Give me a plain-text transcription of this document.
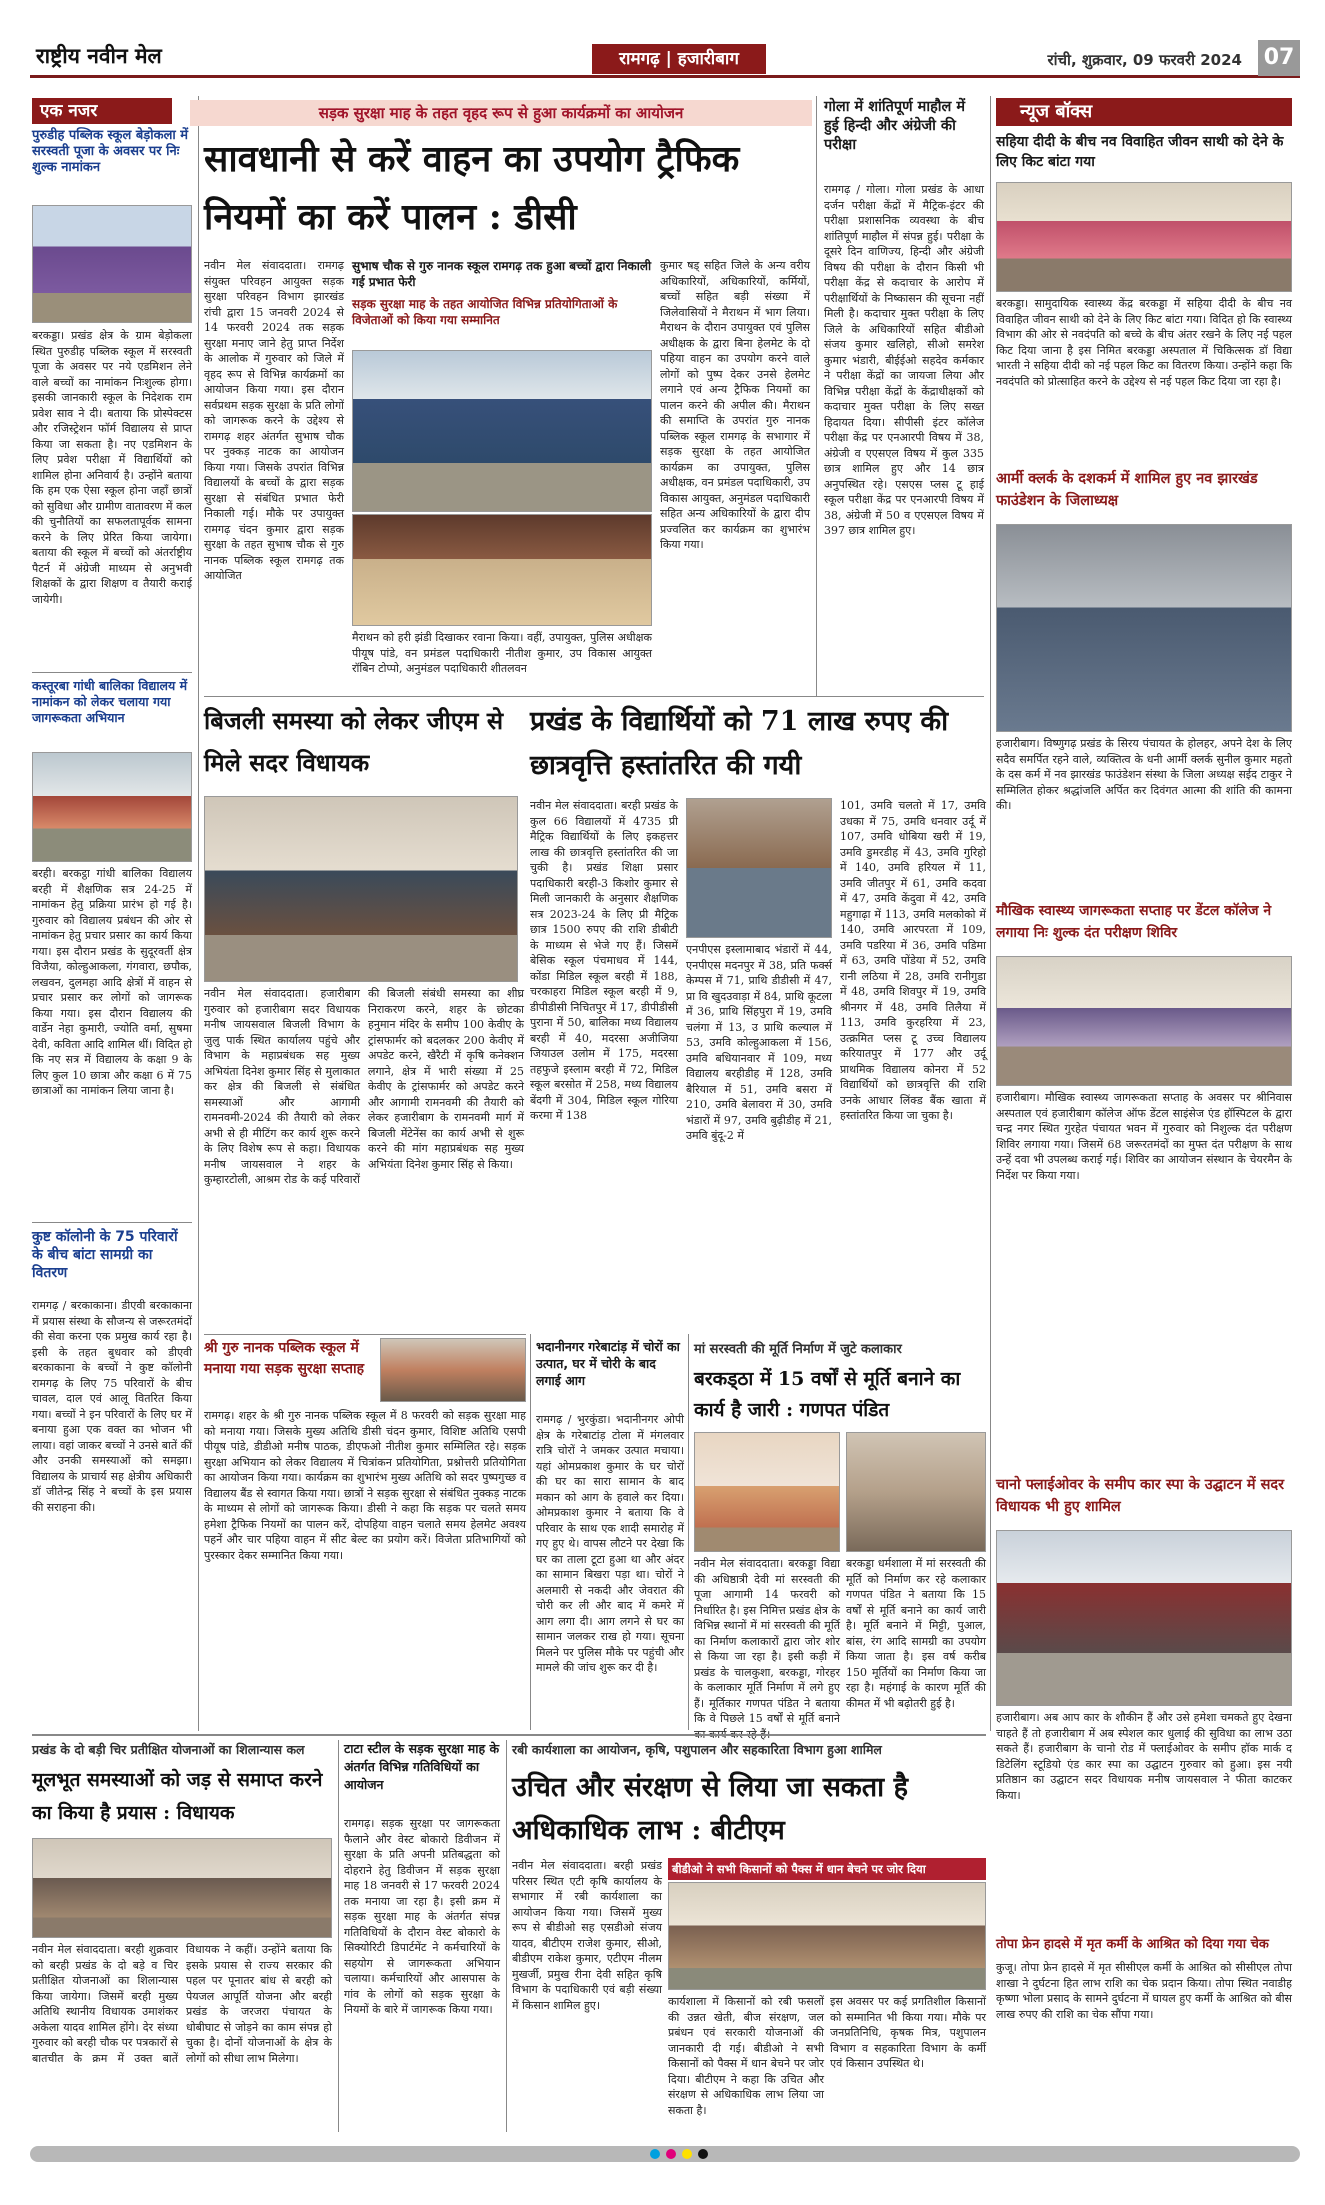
राष्ट्रीय नवीन मेल	रामगढ़ | हजारीबाग	रांची, शुक्रवार, 09 फरवरी 2024 07
एक नजर
पुरुडीह पब्लिक स्कूल बेड़ोकला में सरस्वती पूजा के अवसर पर निः शुल्क नामांकन
बरकड्डा। प्रखंड क्षेत्र के ग्राम बेड़ोकला स्थित पुरुडीह पब्लिक स्कूल में सरस्वती पूजा के अवसर पर नये एडमिशन लेने वाले बच्चों का नामांकन निःशुल्क होगा। इसकी जानकारी स्कूल के निदेशक राम प्रवेश साव ने दी। बताया कि प्रोस्पेक्टस और रजिस्ट्रेशन फॉर्म विद्यालय से प्राप्त किया जा सकता है। नए एडमिशन के लिए प्रवेश परीक्षा में विद्यार्थियों को शामिल होना अनिवार्य है। उन्होंने बताया कि हम एक ऐसा स्कूल होना जहाँ छात्रों को सुविधा और ग्रामीण वातावरण में कल की चुनौतियों का सफलतापूर्वक सामना करने के लिए प्रेरित किया जायेगा। बताया की स्कूल में बच्चों को अंतर्राष्ट्रीय पैटर्न में अंग्रेजी माध्यम से अनुभवी शिक्षकों के द्वारा शिक्षण व तैयारी कराई जायेगी।
कस्तूरबा गांधी बालिका विद्यालय में नामांकन को लेकर चलाया गया जागरूकता अभियान
बरही। बरकट्ठा गांधी बालिका विद्यालय बरही में शैक्षणिक सत्र 24-25 में नामांकन हेतु प्रक्रिया प्रारंभ हो गई है। गुरुवार को विद्यालय प्रबंधन की ओर से नामांकन हेतु प्रचार प्रसार का कार्य किया गया। इस दौरान प्रखंड के सुदूरवर्ती क्षेत्र विजैया, कोल्हुआकला, गंगवारा, छपौक, लखवन, दुलमहा आदि क्षेत्रों में वाहन से प्रचार प्रसार कर लोगों को जागरूक किया गया। इस दौरान विद्यालय की वार्डेन नेहा कुमारी, ज्योति वर्मा, सुषमा देवी, कविता आदि शामिल थीं। विदित हो कि नए सत्र में विद्यालय के कक्षा 9 के लिए कुल 10 छात्रा और कक्षा 6 में 75 छात्राओं का नामांकन लिया जाना है।
कुष्ट कॉलोनी के 75 परिवारों के बीच बांटा सामग्री का वितरण
रामगढ़ / बरकाकाना। डीएवी बरकाकाना में प्रयास संस्था के सौजन्य से जरूरतमंदों की सेवा करना एक प्रमुख कार्य रहा है। इसी के तहत बुधवार को डीएवी बरकाकाना के बच्चों ने कुष्ट कॉलोनी रामगढ़ के लिए 75 परिवारों के बीच चावल, दाल एवं आलू वितरित किया गया। बच्चों ने इन परिवारों के लिए घर में बनाया हुआ एक वक्त का भोजन भी लाया। वहां जाकर बच्चों ने उनसे बातें कीं और उनकी समस्याओं को समझा। विद्यालय के प्राचार्य सह क्षेत्रीय अधिकारी डॉ जीतेन्द्र सिंह ने बच्चों के इस प्रयास की सराहना की।
सड़क सुरक्षा माह के तहत वृहद रूप से हुआ कार्यक्रमों का आयोजन
सावधानी से करें वाहन का उपयोग ट्रैफिक नियमों का करें पालन : डीसी
नवीन मेल संवाददाता। रामगढ़ संयुक्त परिवहन आयुक्त सड़क सुरक्षा परिवहन विभाग झारखंड रांची द्वारा 15 जनवरी 2024 से 14 फरवरी 2024 तक सड़क सुरक्षा मनाए जाने हेतु प्राप्त निर्देश के आलोक में गुरुवार को जिले में वृहद रूप से विभिन्न कार्यक्रमों का आयोजन किया गया। इस दौरान सर्वप्रथम सड़क सुरक्षा के प्रति लोगों को जागरूक करने के उद्देश्य से रामगढ़ शहर अंतर्गत सुभाष चौक पर नुक्कड़ नाटक का आयोजन किया गया। जिसके उपरांत विभिन्न विद्यालयों के बच्चों के द्वारा सड़क सुरक्षा से संबंधित प्रभात फेरी निकाली गई। मौके पर उपायुक्त रामगढ़ चंदन कुमार द्वारा सड़क सुरक्षा के तहत सुभाष चौक से गुरु नानक पब्लिक स्कूल रामगढ़ तक आयोजित
सुभाष चौक से गुरु नानक स्कूल रामगढ़ तक हुआ बच्चों द्वारा निकाली गई प्रभात फेरी
सड़क सुरक्षा माह के तहत आयोजित विभिन्न प्रतियोगिताओं के विजेताओं को किया गया सम्मानित
मैराथन को हरी झंडी दिखाकर रवाना किया। वहीं, उपायुक्त, पुलिस अधीक्षक पीयूष पांडे, वन प्रमंडल पदाधिकारी नीतीश कुमार, उप विकास आयुक्त रॉबिन टोप्पो, अनुमंडल पदाधिकारी शीतलवन
कुमार षड्‌ सहित जिले के अन्य वरीय अधिकारियों, अधिकारियों, कर्मियों, बच्चों सहित बड़ी संख्या में जिलेवासियों ने मैराथन में भाग लिया। मैराथन के दौरान उपायुक्त एवं पुलिस अधीक्षक के द्वारा बिना हेलमेट के दो पहिया वाहन का उपयोग करने वाले लोगों को पुष्प देकर उनसे हेलमेट लगाने एवं अन्य ट्रैफिक नियमों का पालन करने की अपील की। मैराथन की समाप्ति के उपरांत गुरु नानक पब्लिक स्कूल रामगढ़ के सभागार में सड़क सुरक्षा के तहत आयोजित कार्यक्रम का उपायुक्त, पुलिस अधीक्षक, वन प्रमंडल पदाधिकारी, उप विकास आयुक्त, अनुमंडल पदाधिकारी सहित अन्य अधिकारियों के द्वारा दीप प्रज्वलित कर कार्यक्रम का शुभारंभ किया गया।
गोला में शांतिपूर्ण माहौल में हुई हिन्दी और अंग्रेजी की परीक्षा
रामगढ़ / गोला। गोला प्रखंड के आधा दर्जन परीक्षा केंद्रों में मैट्रिक-इंटर की परीक्षा प्रशासनिक व्यवस्था के बीच शांतिपूर्ण माहौल में संपन्न हुई। परीक्षा के दूसरे दिन वाणिज्य, हिन्दी और अंग्रेजी विषय की परीक्षा के दौरान किसी भी परीक्षा केंद्र से कदाचार के आरोप में परीक्षार्थियों के निष्कासन की सूचना नहीं मिली है। कदाचार मुक्त परीक्षा के लिए जिले के अधिकारियों सहित बीडीओ संजय कुमार खलिहो, सीओ समरेश कुमार भंडारी, बीईईओ सहदेव कर्मकार ने परीक्षा केंद्रों का जायजा लिया और विभिन्न परीक्षा केंद्रों के केंद्राधीक्षकों को कदाचार मुक्त परीक्षा के लिए सख्त हिदायत दिया। सीपीसी इंटर कॉलेज परीक्षा केंद्र पर एनआरपी विषय में 38, अंग्रेजी व एएसएल विषय में कुल 335 छात्र शामिल हुए और 14 छात्र अनुपस्थित रहे। एसएस प्लस टू हाई स्कूल परीक्षा केंद्र पर एनआरपी विषय में 38, अंग्रेजी में 50 व एएसएल विषय में 397 छात्र शामिल हुए।
न्यूज बॉक्स
सहिया दीदी के बीच नव विवाहित जीवन साथी को देने के लिए किट बांटा गया
बरकड्डा। सामुदायिक स्वास्थ्य केंद्र बरकड्डा में सहिया दीदी के बीच नव विवाहित जीवन साथी को देने के लिए किट बांटा गया। विदित हो कि स्वास्थ्य विभाग की ओर से नवदंपति को बच्चे के बीच अंतर रखने के लिए नई पहल किट दिया जाना है इस निमित बरकड्डा अस्पताल में चिकित्सक डॉ विद्या भारती ने सहिया दीदी को नई पहल किट का वितरण किया। उन्होंने कहा कि नवदंपति को प्रोत्साहित करने के उद्देश्य से नई पहल किट दिया जा रहा है।
आर्मी क्लर्क के दशकर्म में शामिल हुए नव झारखंड फाउंडेशन के जिलाध्यक्ष
हजारीबाग। विष्णुगढ़ प्रखंड के सिरय पंचायत के होलहर, अपने देश के लिए सदैव समर्पित रहने वाले, व्यक्तित्व के धनी आर्मी क्लर्क सुनील कुमार महतो के दस कर्म में नव झारखंड फाउंडेशन संस्था के जिला अध्यक्ष सईद टाकुर ने सम्मिलित होकर श्रद्धांजलि अर्पित कर दिवंगत आत्मा की शांति की कामना की।
मौखिक स्वास्थ्य जागरूकता सप्ताह पर डेंटल कॉलेज ने लगाया निः शुल्क दंत परीक्षण शिविर
हजारीबाग। मौखिक स्वास्थ्य जागरूकता सप्ताह के अवसर पर श्रीनिवास अस्पताल एवं हजारीबाग कॉलेज ऑफ डेंटल साइंसेज एंड हॉस्पिटल के द्वारा चन्द्र नगर स्थित गुरहेत पंचायत भवन में गुरुवार को निशुल्क दंत परीक्षण शिविर लगाया गया। जिसमें 68 जरूरतमंदों का मुफ्त दंत परीक्षण के साथ उन्हें दवा भी उपलब्ध कराई गई। शिविर का आयोजन संस्थान के चेयरमैन के निर्देश पर किया गया।
चानो फ्लाईओवर के समीप कार स्पा के उद्घाटन में सदर विधायक भी हुए शामिल
हजारीबाग। अब आप कार के शौकीन हैं और उसे हमेशा चमकते हुए देखना चाहते हैं तो हजारीबाग में अब स्पेशल कार धुलाई की सुविधा का लाभ उठा सकते हैं। हजारीबाग के चानो रोड में फ्लाईओवर के समीप हॉक मार्क द डिटेलिंग स्टूडियो एंड कार स्पा का उद्घाटन गुरुवार को हुआ। इस नयी प्रतिष्ठान का उद्घाटन सदर विधायक मनीष जायसवाल ने फीता काटकर किया।
तोपा फ्रेन हादसे में मृत कर्मी के आश्रित को दिया गया चेक
कुजू। तोपा फ्रेन हादसे में मृत सीसीएल कर्मी के आश्रित को सीसीएल तोपा शाखा ने दुर्घटना हित लाभ राशि का चेक प्रदान किया। तोपा स्थित नवाडीह कृष्णा भोला प्रसाद के सामने दुर्घटना में घायल हुए कर्मी के आश्रित को बीस लाख रुपए की राशि का चेक सौंपा गया।
बिजली समस्या को लेकर जीएम से मिले सदर विधायक
नवीन मेल संवाददाता। हजारीबाग गुरुवार को हजारीबाग सदर विधायक मनीष जायसवाल बिजली विभाग के जुलु पार्क स्थित कार्यालय पहुंचे और विभाग के महाप्रबंधक सह मुख्य अभियंता दिनेश कुमार सिंह से मुलाकात कर क्षेत्र की बिजली से संबंधित समस्याओं और आगामी रामनवमी-2024 की तैयारी को लेकर अभी से ही मीटिंग कर कार्य शुरू करने के लिए विशेष रूप से कहा। विधायक मनीष जायसवाल ने शहर के कुम्हारटोली, आश्रम रोड के कई परिवारों की बिजली संबंधी समस्या का शीघ्र निराकरण करने, शहर के छोटका हनुमान मंदिर के समीप 100 केवीए के ट्रांसफार्मर को बदलकर 200 केवीए में अपडेट करने, खैरैटी में कृषि कनेक्शन लगाने, क्षेत्र में भारी संख्या में 25 केवीए के ट्रांसफार्मर को अपडेट करने और आगामी रामनवमी की तैयारी को लेकर हजारीबाग के रामनवमी मार्ग में बिजली मेंटेनेंस का कार्य अभी से शुरू करने की मांग महाप्रबंधक सह मुख्य अभियंता दिनेश कुमार सिंह से किया।
प्रखंड के विद्यार्थियों को 71 लाख रुपए की छात्रवृत्ति हस्तांतरित की गयी
नवीन मेल संवाददाता। बरही प्रखंड के कुल 66 विद्यालयों में 4735 प्री मैट्रिक विद्यार्थियों के लिए इकहत्तर लाख की छात्रवृत्ति हस्तांतरित की जा चुकी है। प्रखंड शिक्षा प्रसार पदाधिकारी बरही-3 किशोर कुमार से मिली जानकारी के अनुसार शैक्षणिक सत्र 2023-24 के लिए प्री मैट्रिक छात्र 1500 रुपए की राशि डीबीटी के माध्यम से भेजे गए हैं। जिसमें बेसिक स्कूल पंचमाधव में 144, कोंडा मिडिल स्कूल बरही में 188, चरकाहरा मिडिल स्कूल बरही में 9, डीपीडीसी निचितपुर में 17, डीपीडीसी पुराना में 50, बालिका मध्य विद्यालय बरही में 40, मदरसा अजीजिया जियाउल उलोम में 175, मदरसा तहफुजे इस्लाम बरही में 72, मिडिल स्कूल बरसोत में 258, मध्य विद्यालय बेंदगी में 304, मिडिल स्कूल गोरिया करमा में 138
एनपीएस इस्लामाबाद भंडारों में 44, एनपीएस मदनपुर में 38, प्रति फर्क्स केम्पस में 71, प्राथि डीडीसी में 47, प्रा वि खुदउवाड़ा में 84, प्राथि कूटला में 36, प्राथि सिंहपुरा में 19, उमवि चलंगा में 13, उ प्राथि कल्याल में 53, उमवि कोल्हुआकला में 156, उमवि बधियानवार में 109, मध्य विद्यालय बरहीडीह में 128, उमवि बैरियाल में 51, उमवि बसरा में 210, उमवि बेलावरा में 30, उमवि भंडारों में 97, उमवि बुढ़ीडीह में 21, उमवि बुंदू-2 में
101, उमवि चलतो में 17, उमवि उधका में 75, उमवि धनवार उर्दू में 107, उमवि धोबिया खरी में 19, उमवि डुमरडीह में 43, उमवि गुरिहो में 140, उमवि हरियल में 11, उमवि जीतपुर में 61, उमवि कदवा में 47, उमवि केंदुवा में 42, उमवि महुगाढ़ा में 113, उमवि मलकोको में 140, उमवि आरपरता में 109, उमवि पडरिया में 36, उमवि पडिमा में 63, उमवि पोंडेया में 52, उमवि रानी लठिया में 28, उमवि रानीगुडा में 48, उमवि शिवपुर में 19, उमवि श्रीनगर में 48, उमवि तिलैया में 113, उमवि कुरहरिया में 23, उत्क्रमित प्लस टू उच्च विद्यालय करियातपुर में 177 और उर्दू प्राथमिक विद्यालय कोनरा में 52 विद्यार्थियों को छात्रवृत्ति की राशि उनके आधार लिंक्ड बैंक खाता में हस्तांतरित किया जा चुका है।
श्री गुरु नानक पब्लिक स्कूल में मनाया गया सड़क सुरक्षा सप्ताह
रामगढ़। शहर के श्री गुरु नानक पब्लिक स्कूल में 8 फरवरी को सड़क सुरक्षा माह को मनाया गया। जिसके मुख्य अतिथि डीसी चंदन कुमार, विशिष्ट अतिथि एसपी पीयूष पांडे, डीडीओ मनीष पाठक, डीएफओ नीतीश कुमार सम्मिलित रहे। सड़क सुरक्षा अभियान को लेकर विद्यालय में चित्रांकन प्रतियोगिता, प्रश्नोत्तरी प्रतियोगिता का आयोजन किया गया। कार्यक्रम का शुभारंभ मुख्य अतिथि को सदर पुष्पगुच्छ व विद्यालय बैंड से स्वागत किया गया। छात्रों ने सड़क सुरक्षा से संबंधित नुक्कड़ नाटक के माध्यम से लोगों को जागरूक किया। डीसी ने कहा कि सड़क पर चलते समय हमेशा ट्रैफिक नियमों का पालन करें, दोपहिया वाहन चलाते समय हेलमेट अवश्य पहनें और चार पहिया वाहन में सीट बेल्ट का प्रयोग करें। विजेता प्रतिभागियों को पुरस्कार देकर सम्मानित किया गया।
भदानीनगर गरेबाटांड़ में चोरों का उत्पात, घर में चोरी के बाद लगाई आग
रामगढ़ / भुरकुंडा। भदानीनगर ओपी क्षेत्र के गरेबाटांड़ टोला में मंगलवार रात्रि चोरों ने जमकर उत्पात मचाया। यहां ओमप्रकाश कुमार के घर चोरों की घर का सारा सामान के बाद मकान को आग के हवाले कर दिया। ओमप्रकाश कुमार ने बताया कि वे परिवार के साथ एक शादी समारोह में गए हुए थे। वापस लौटने पर देखा कि घर का ताला टूटा हुआ था और अंदर का सामान बिखरा पड़ा था। चोरों ने अलमारी से नकदी और जेवरात की चोरी कर ली और बाद में कमरे में आग लगा दी। आग लगने से घर का सामान जलकर राख हो गया। सूचना मिलने पर पुलिस मौके पर पहुंची और मामले की जांच शुरू कर दी है।
मां सरस्वती की मूर्ति निर्माण में जुटे कलाकार
बरकड्ठा में 15 वर्षों से मूर्ति बनाने का कार्य है जारी : गणपत पंडित
नवीन मेल संवाददाता। बरकड्डा विद्या की अधिष्ठात्री देवी मां सरस्वती की पूजा आगामी 14 फरवरी को निर्धारित है। इस निमित्त प्रखंड क्षेत्र के विभिन्न स्थानों में मां सरस्वती की मूर्ति का निर्माण कलाकारों द्वारा जोर शोर से किया जा रहा है। इसी कड़ी में प्रखंड के चालकुशा, बरकड्डा, गोरहर के कलाकार मूर्ति निर्माण में लगे हुए हैं। मूर्तिकार गणपत पंडित ने बताया कि वे पिछले 15 वर्षों से मूर्ति बनाने
बरकड्डा धर्मशाला में मां सरस्वती की मूर्ति को निर्माण कर रहे कलाकार गणपत पंडित ने बताया कि 15 वर्षों से मूर्ति बनाने का कार्य जारी है। मूर्ति बनाने में मिट्टी, पुआल, बांस, रंग आदि सामग्री का उपयोग किया जाता है। इस वर्ष करीब 150 मूर्तियों का निर्माण किया जा रहा है। महंगाई के कारण मूर्ति की कीमत में भी बढ़ोतरी हुई है।
प्रखंड के दो बड़ी चिर प्रतीक्षित योजनाओं का शिलान्यास कल
मूलभूत समस्याओं को जड़ से समाप्त करने का किया है प्रयास : विधायक
नवीन मेल संवाददाता। बरही शुक्रवार को बरही प्रखंड के दो बड़े व चिर प्रतीक्षित योजनाओं का शिलान्यास किया जायेगा। जिसमें बरही मुख्य अतिथि स्थानीय विधायक उमाशंकर अकेला यादव शामिल होंगे। देर संध्या गुरुवार को बरही चौक पर पत्रकारों से बातचीत के क्रम में उक्त बातें विधायक ने कहीं। उन्होंने बताया कि इसके प्रयास से राज्य सरकार की पहल पर पूनातर बांध से बरही को पेयजल आपूर्ति योजना और बरही प्रखंड के जरजरा पंचायत के धोबीघाट से जोड़ने का काम संपन्न हो चुका है। दोनों योजनाओं के क्षेत्र के लोगों को सीधा लाभ मिलेगा।
टाटा स्टील के सड़क सुरक्षा माह के अंतर्गत विभिन्न गतिविधियों का आयोजन
रामगढ़। सड़क सुरक्षा पर जागरूकता फैलाने और वेस्ट बोकारो डिवीजन में सुरक्षा के प्रति अपनी प्रतिबद्धता को दोहराने हेतु डिवीजन में सड़क सुरक्षा माह 18 जनवरी से 17 फरवरी 2024 तक मनाया जा रहा है। इसी क्रम में सड़क सुरक्षा माह के अंतर्गत संपन्न गतिविधियों के दौरान वेस्ट बोकारो के सिक्योरिटी डिपार्टमेंट ने कर्मचारियों के सहयोग से जागरूकता अभियान चलाया। कर्मचारियों और आसपास के गांव के लोगों को सड़क सुरक्षा के नियमों के बारे में जागरूक किया गया।
रबी कार्यशाला का आयोजन, कृषि, पशुपालन और सहकारिता विभाग हुआ शामिल
उचित और संरक्षण से लिया जा सकता है अधिकाधिक लाभ : बीटीएम
नवीन मेल संवाददाता। बरही प्रखंड परिसर स्थित एटी कृषि कार्यालय के सभागार में रबी कार्यशाला का आयोजन किया गया। जिसमें मुख्य रूप से बीडीओ सह एसडीओ संजय यादव, बीटीएम राजेश कुमार, सीओ, बीडीएम राकेश कुमार, एटीएम नीलम मुखर्जी, प्रमुख रीना देवी सहित कृषि विभाग के पदाधिकारी एवं बड़ी संख्या में किसान शामिल हुए।
बीडीओ ने सभी किसानों को पैक्स में धान बेचने पर जोर दिया
कार्यशाला में किसानों को रबी फसलों की उन्नत खेती, बीज संरक्षण, जल प्रबंधन एवं सरकारी योजनाओं की जानकारी दी गई। बीडीओ ने सभी किसानों को पैक्स में धान बेचने पर जोर दिया। बीटीएम ने कहा कि उचित और संरक्षण से अधिकाधिक लाभ लिया जा सकता है।
इस अवसर पर कई प्रगतिशील किसानों को सम्मानित भी किया गया। मौके पर जनप्रतिनिधि, कृषक मित्र, पशुपालन विभाग व सहकारिता विभाग के कर्मी एवं किसान उपस्थित थे।
